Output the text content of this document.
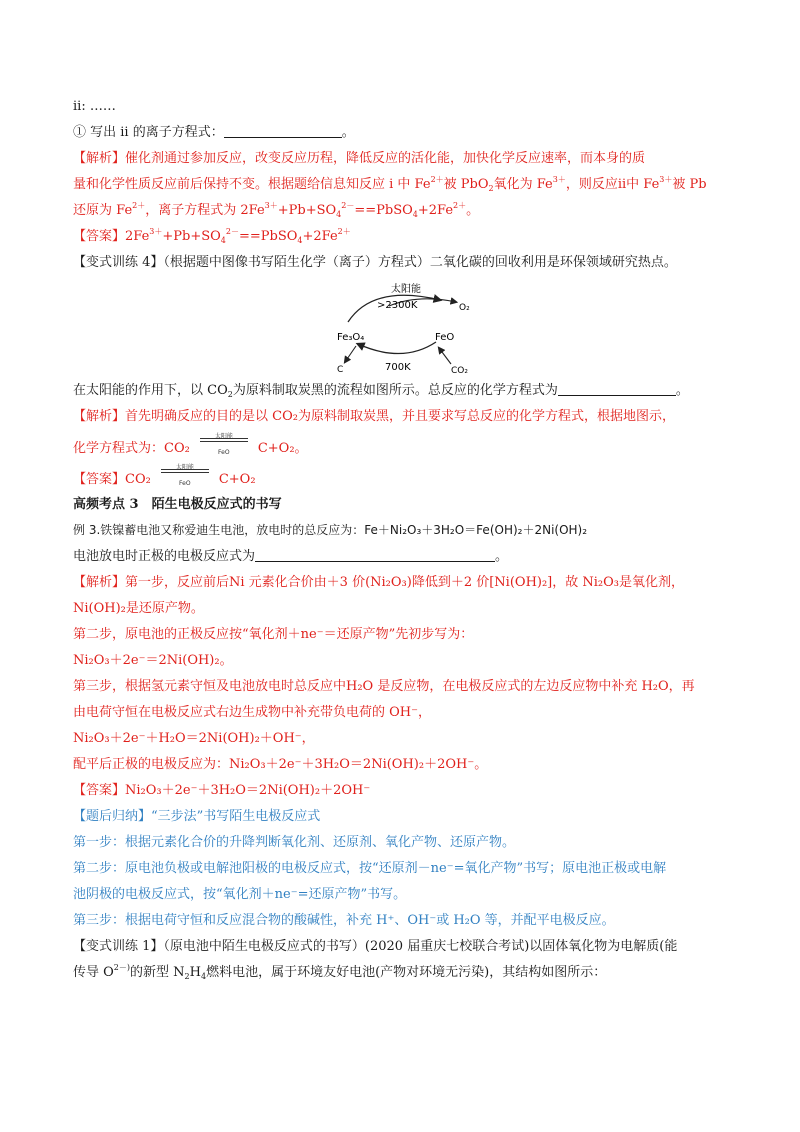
ii: ……
① 写出 ii 的离子方程式：	。
【解析】催化剂通过参加反应，改变反应历程，降低反应的活化能，加快化学反应速率，而本身的质
量和化学性质反应前后保持不变。根据题给信息知反应 i 中 $Fe^{2+}$被 PbO$_2$氧化为 $Fe^{3+}$，则反应ii中 $Fe^{3+}$被 Pb
还原为 $Fe^{2+}$，离子方程式为 $2Fe^{3+}+Pb+SO_4^{2-}==PbSO_4+2Fe^{2+}$。
【答案】$2Fe^{3+}+Pb+SO_4^{2-}==PbSO_4+2Fe^{2+}$
【变式训练 4】（根据题中图像书写陌生化学（离子）方程式）二氧化碳的回收利用是环保领域研究热点。
太阳能
>2300K	O₂
Fe₃O₄	FeO
C	700K	CO₂
在太阳能的作用下，以 $CO_2$为原料制取炭黑的流程如图所示。总反应的化学方程式为	。
【解析】首先明确反应的目的是以 CO₂为原料制取炭黑，并且要求写总反应的化学方程式，根据地图示，
化学方程式为：CO₂
太阳能
FeO	C+O₂。
【答案】CO₂
太阳能
FeO	C+O₂
高频考点 3　陌生电极反应式的书写
例 3.铁镍蓄电池又称爱迪生电池，放电时的总反应为：Fe＋Ni₂O₃＋3H₂O＝Fe(OH)₂＋2Ni(OH)₂
电池放电时正极的电极反应式为	。
【解析】第一步，反应前后Ni 元素化合价由＋3 价(Ni₂O₃)降低到＋2 价[Ni(OH)₂]，故 Ni₂O₃是氧化剂，
Ni(OH)₂是还原产物。
第二步，原电池的正极反应按“氧化剂＋ne⁻＝还原产物”先初步写为：
Ni₂O₃＋2e⁻＝2Ni(OH)₂。
第三步，根据氢元素守恒及电池放电时总反应中H₂O 是反应物，在电极反应式的左边反应物中补充 H₂O，再
由电荷守恒在电极反应式右边生成物中补充带负电荷的 OH⁻，
Ni₂O₃＋2e⁻＋H₂O＝2Ni(OH)₂＋OH⁻，
配平后正极的电极反应为：Ni₂O₃＋2e⁻＋3H₂O＝2Ni(OH)₂＋2OH⁻。
【答案】Ni₂O₃＋2e⁻＋3H₂O＝2Ni(OH)₂＋2OH⁻
【题后归纳】“三步法”书写陌生电极反应式
第一步：根据元素化合价的升降判断氧化剂、还原剂、氧化产物、还原产物。
第二步：原电池负极或电解池阳极的电极反应式，按“还原剂－ne⁻=氧化产物”书写；原电池正极或电解
池阴极的电极反应式，按“氧化剂＋ne⁻=还原产物”书写。
第三步：根据电荷守恒和反应混合物的酸碱性，补充 H⁺、OH⁻或 H₂O 等，并配平电极反应。
【变式训练 1】（原电池中陌生电极反应式的书写）(2020 届重庆七校联合考试)以固体氧化物为电解质(能
传导 $O^{2-)}$的新型 $N_2H_4$燃料电池，属于环境友好电池(产物对环境无污染)，其结构如图所示：
